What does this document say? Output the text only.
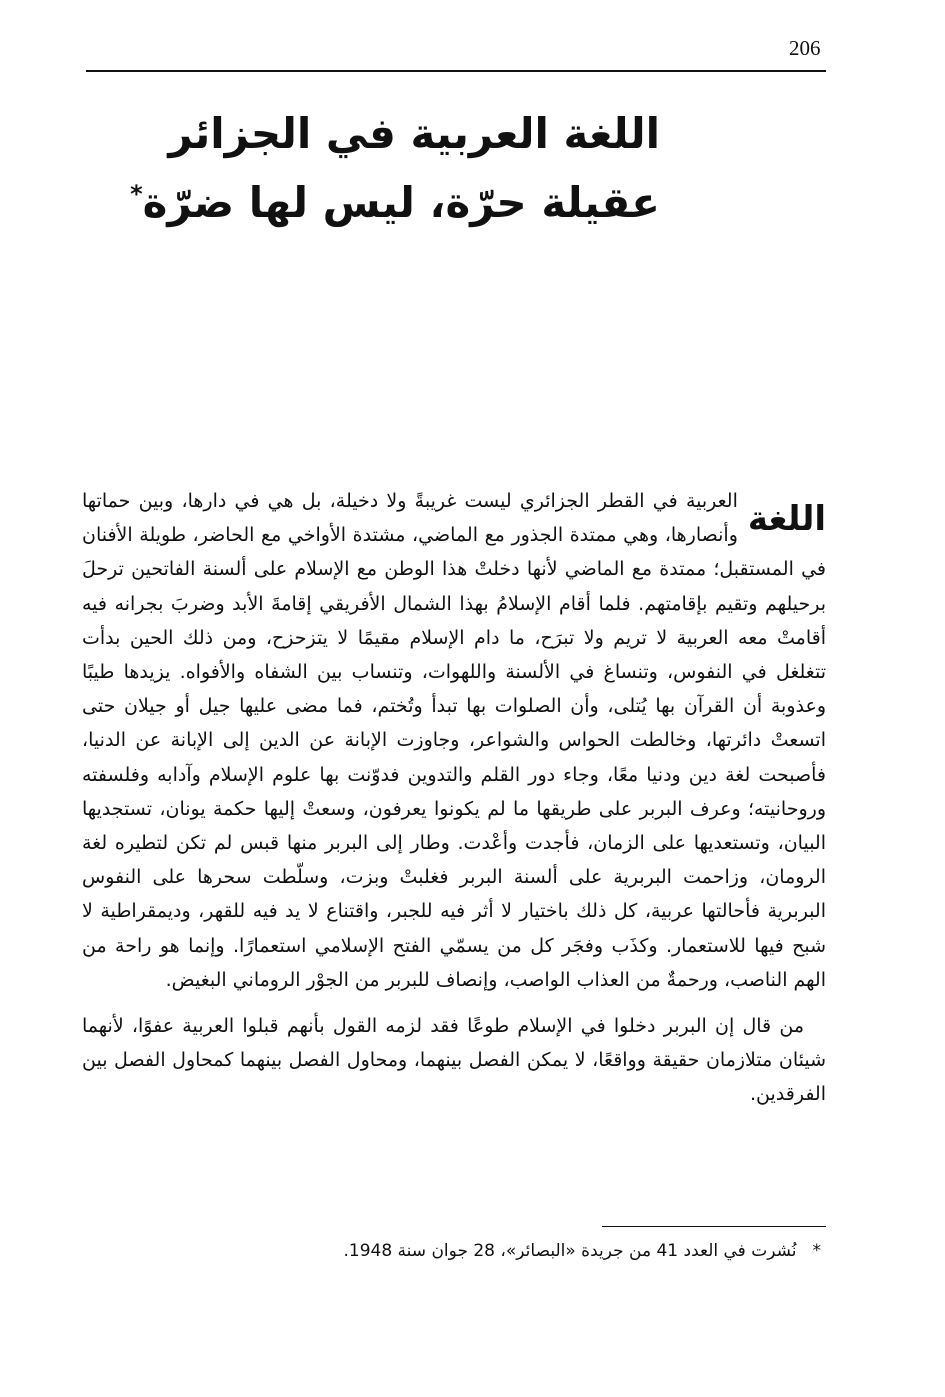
206
اللغة العربية في الجزائر
عقيلة حرّة، ليس لها ضرّة*
اللغة

العربية في القطر الجزائري ليست غريبةً ولا دخيلة، بل هي في دارها، وبين حماتها وأنصارها، وهي ممتدة الجذور مع الماضي، مشتدة الأواخي مع الحاضر، طويلة الأفنان في المستقبل؛ ممتدة مع الماضي لأنها دخلتْ هذا الوطن مع الإسلام على ألسنة الفاتحين ترحلَ برحيلهم وتقيم بإقامتهم. فلما أقام الإسلامُ بهذا الشمال الأفريقي إقامةَ الأبد وضربَ بجرانه فيه أقامتْ معه العربية لا تريم ولا تبرَح، ما دام الإسلام مقيمًا لا يتزحزح، ومن ذلك الحين بدأت تتغلغل في النفوس، وتنساغ في الألسنة واللهوات، وتنساب بين الشفاه والأفواه. يزيدها طيبًا وعذوبة أن القرآن بها يُتلى، وأن الصلوات بها تبدأ وتُختم، فما مضى عليها جيل أو جيلان حتى اتسعتْ دائرتها، وخالطت الحواس والشواعر، وجاوزت الإبانة عن الدين إلى الإبانة عن الدنيا، فأصبحت لغة دين ودنيا معًا، وجاء دور القلم والتدوين فدوّنت بها علوم الإسلام وآدابه وفلسفته وروحانيته؛ وعرف البربر على طريقها ما لم يكونوا يعرفون، وسعتْ إليها حكمة يونان، تستجديها البيان، وتستعديها على الزمان، فأجدت وأعْدت. وطار إلى البربر منها قبس لم تكن لتطيره لغة الرومان، وزاحمت البربرية على ألسنة البربر فغلبتْ وبزت، وسلّطت سحرها على النفوس البربرية فأحالتها عربية، كل ذلك باختيار لا أثر فيه للجبر، واقتناع لا يد فيه للقهر، وديمقراطية لا شبح فيها للاستعمار. وكذَب وفجَر كل من يسمّي الفتح الإسلامي استعمارًا. وإنما هو راحة من الهم الناصب، ورحمةٌ من العذاب الواصب، وإنصاف للبربر من الجوْر الروماني البغيض.

من قال إن البربر دخلوا في الإسلام طوعًا فقد لزمه القول بأنهم قبلوا العربية عفوًا، لأنهما شيئان متلازمان حقيقة وواقعًا، لا يمكن الفصل بينهما، ومحاول الفصل بينهما كمحاول الفصل بين الفرقدين.

*نُشرت في العدد 41 من جريدة «البصائر»، 28 جوان سنة 1948.
